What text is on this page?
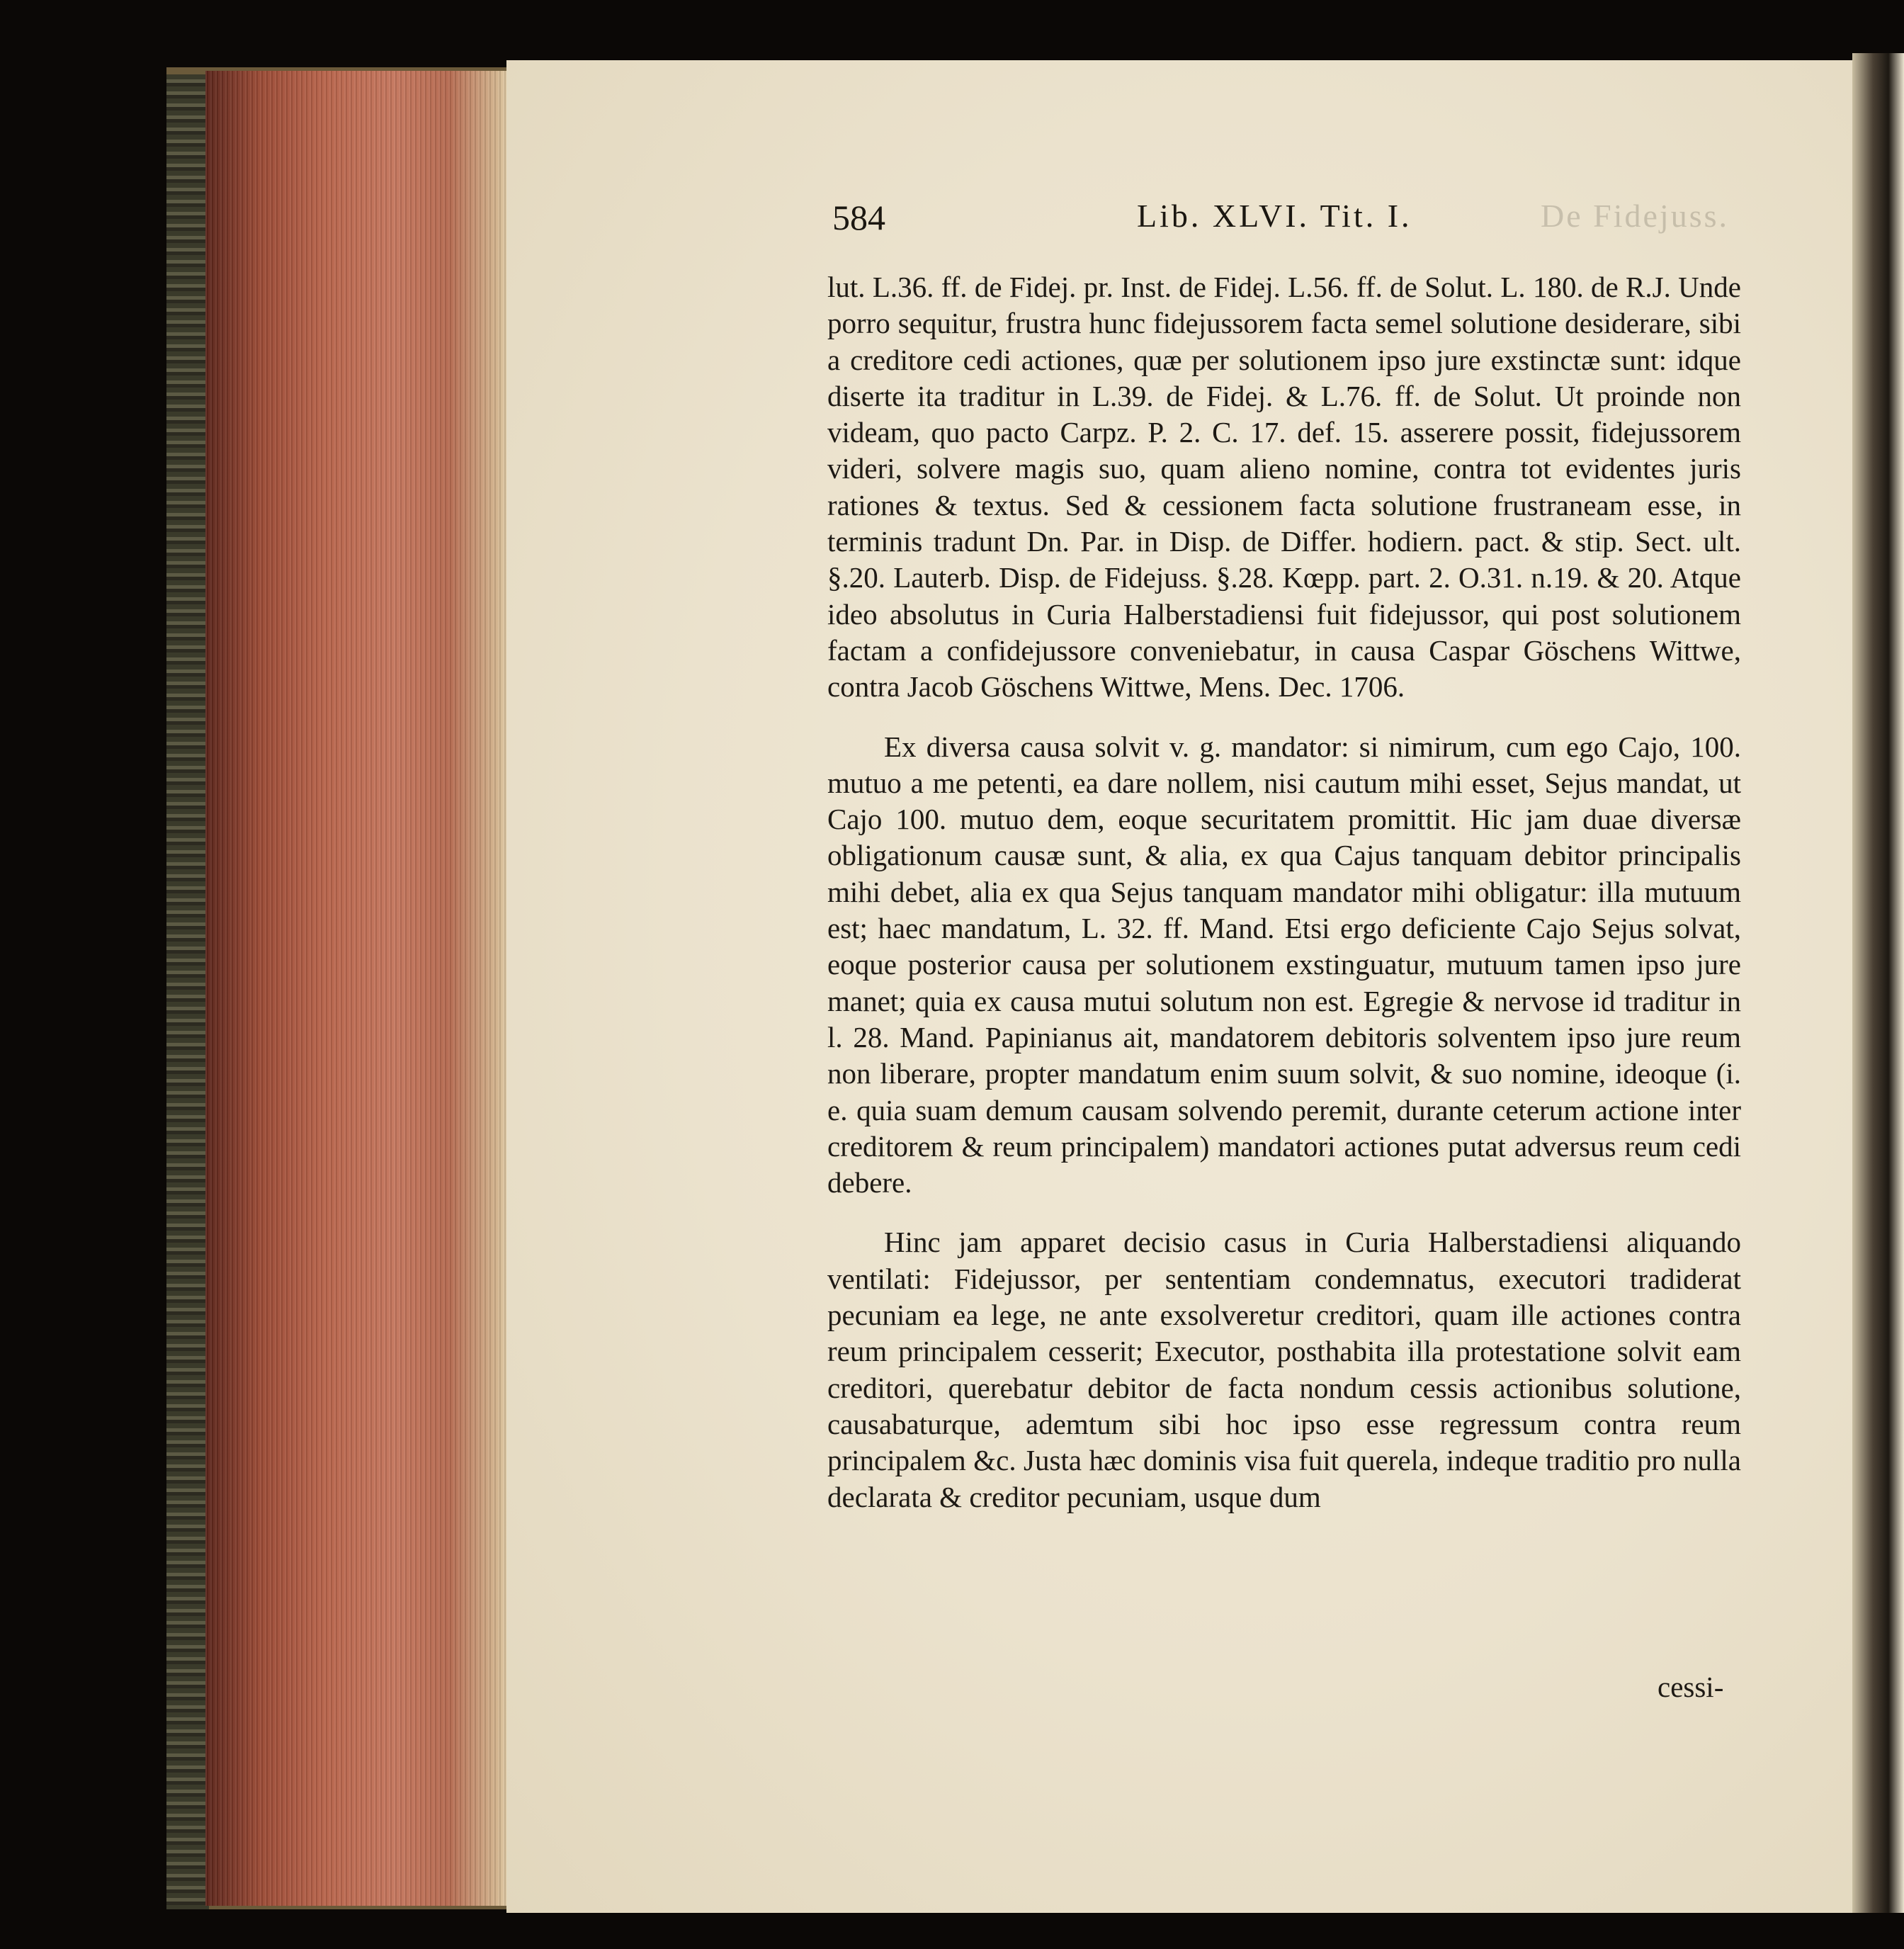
584	Lib. XLVI. Tit. I.	De Fidejuss.

lut. L.36. ff. de Fidej. pr. Inst. de Fidej. L.56. ff. de Solut. L. 180. de R.J. Unde porro sequitur, frustra hunc fidejussorem facta semel solutione desiderare, sibi a creditore cedi actiones, quæ per solutionem ipso jure exstinctæ sunt: idque diserte ita traditur in L.39. de Fidej. & L.76. ff. de Solut. Ut proinde non videam, quo pacto Carpz. P. 2. C. 17. def. 15. asserere possit, fidejussorem videri, solvere magis suo, quam alieno nomine, contra tot evidentes juris rationes & textus. Sed & cessionem facta solutione frustraneam esse, in terminis tradunt Dn. Par. in Disp. de Differ. hodiern. pact. & stip. Sect. ult. §.20. Lauterb. Disp. de Fidejuss. §.28. Kœpp. part. 2. O.31. n.19. & 20. Atque ideo absolutus in Curia Halberstadiensi fuit fidejussor, qui post solutionem factam a confidejussore conveniebatur, in causa Caspar Göschens Wittwe, contra Jacob Göschens Wittwe, Mens. Dec. 1706.

Ex diversa causa solvit v. g. mandator: si nimirum, cum ego Cajo, 100. mutuo a me petenti, ea dare nollem, nisi cautum mihi esset, Sejus mandat, ut Cajo 100. mutuo dem, eoque securitatem promittit. Hic jam duae diversæ obligationum causæ sunt, & alia, ex qua Cajus tanquam debitor principalis mihi debet, alia ex qua Sejus tanquam mandator mihi obligatur: illa mutuum est; haec mandatum, L. 32. ff. Mand. Etsi ergo deficiente Cajo Sejus solvat, eoque posterior causa per solutionem exstinguatur, mutuum tamen ipso jure manet; quia ex causa mutui solutum non est. Egregie & nervose id traditur in l. 28. Mand. Papinianus ait, mandatorem debitoris solventem ipso jure reum non liberare, propter mandatum enim suum solvit, & suo nomine, ideoque (i. e. quia suam demum causam solvendo peremit, durante ceterum actione inter creditorem & reum principalem) mandatori actiones putat adversus reum cedi debere.

Hinc jam apparet decisio casus in Curia Halberstadiensi aliquando ventilati: Fidejussor, per sententiam condemnatus, executori tradiderat pecuniam ea lege, ne ante exsolveretur creditori, quam ille actiones contra reum principalem cesserit; Executor, posthabita illa protestatione solvit eam creditori, querebatur debitor de facta nondum cessis actionibus solutione, causabaturque, ademtum sibi hoc ipso esse regressum contra reum principalem &c. Justa hæc dominis visa fuit querela, indeque traditio pro nulla declarata & creditor pecuniam, usque dum

cessi-
